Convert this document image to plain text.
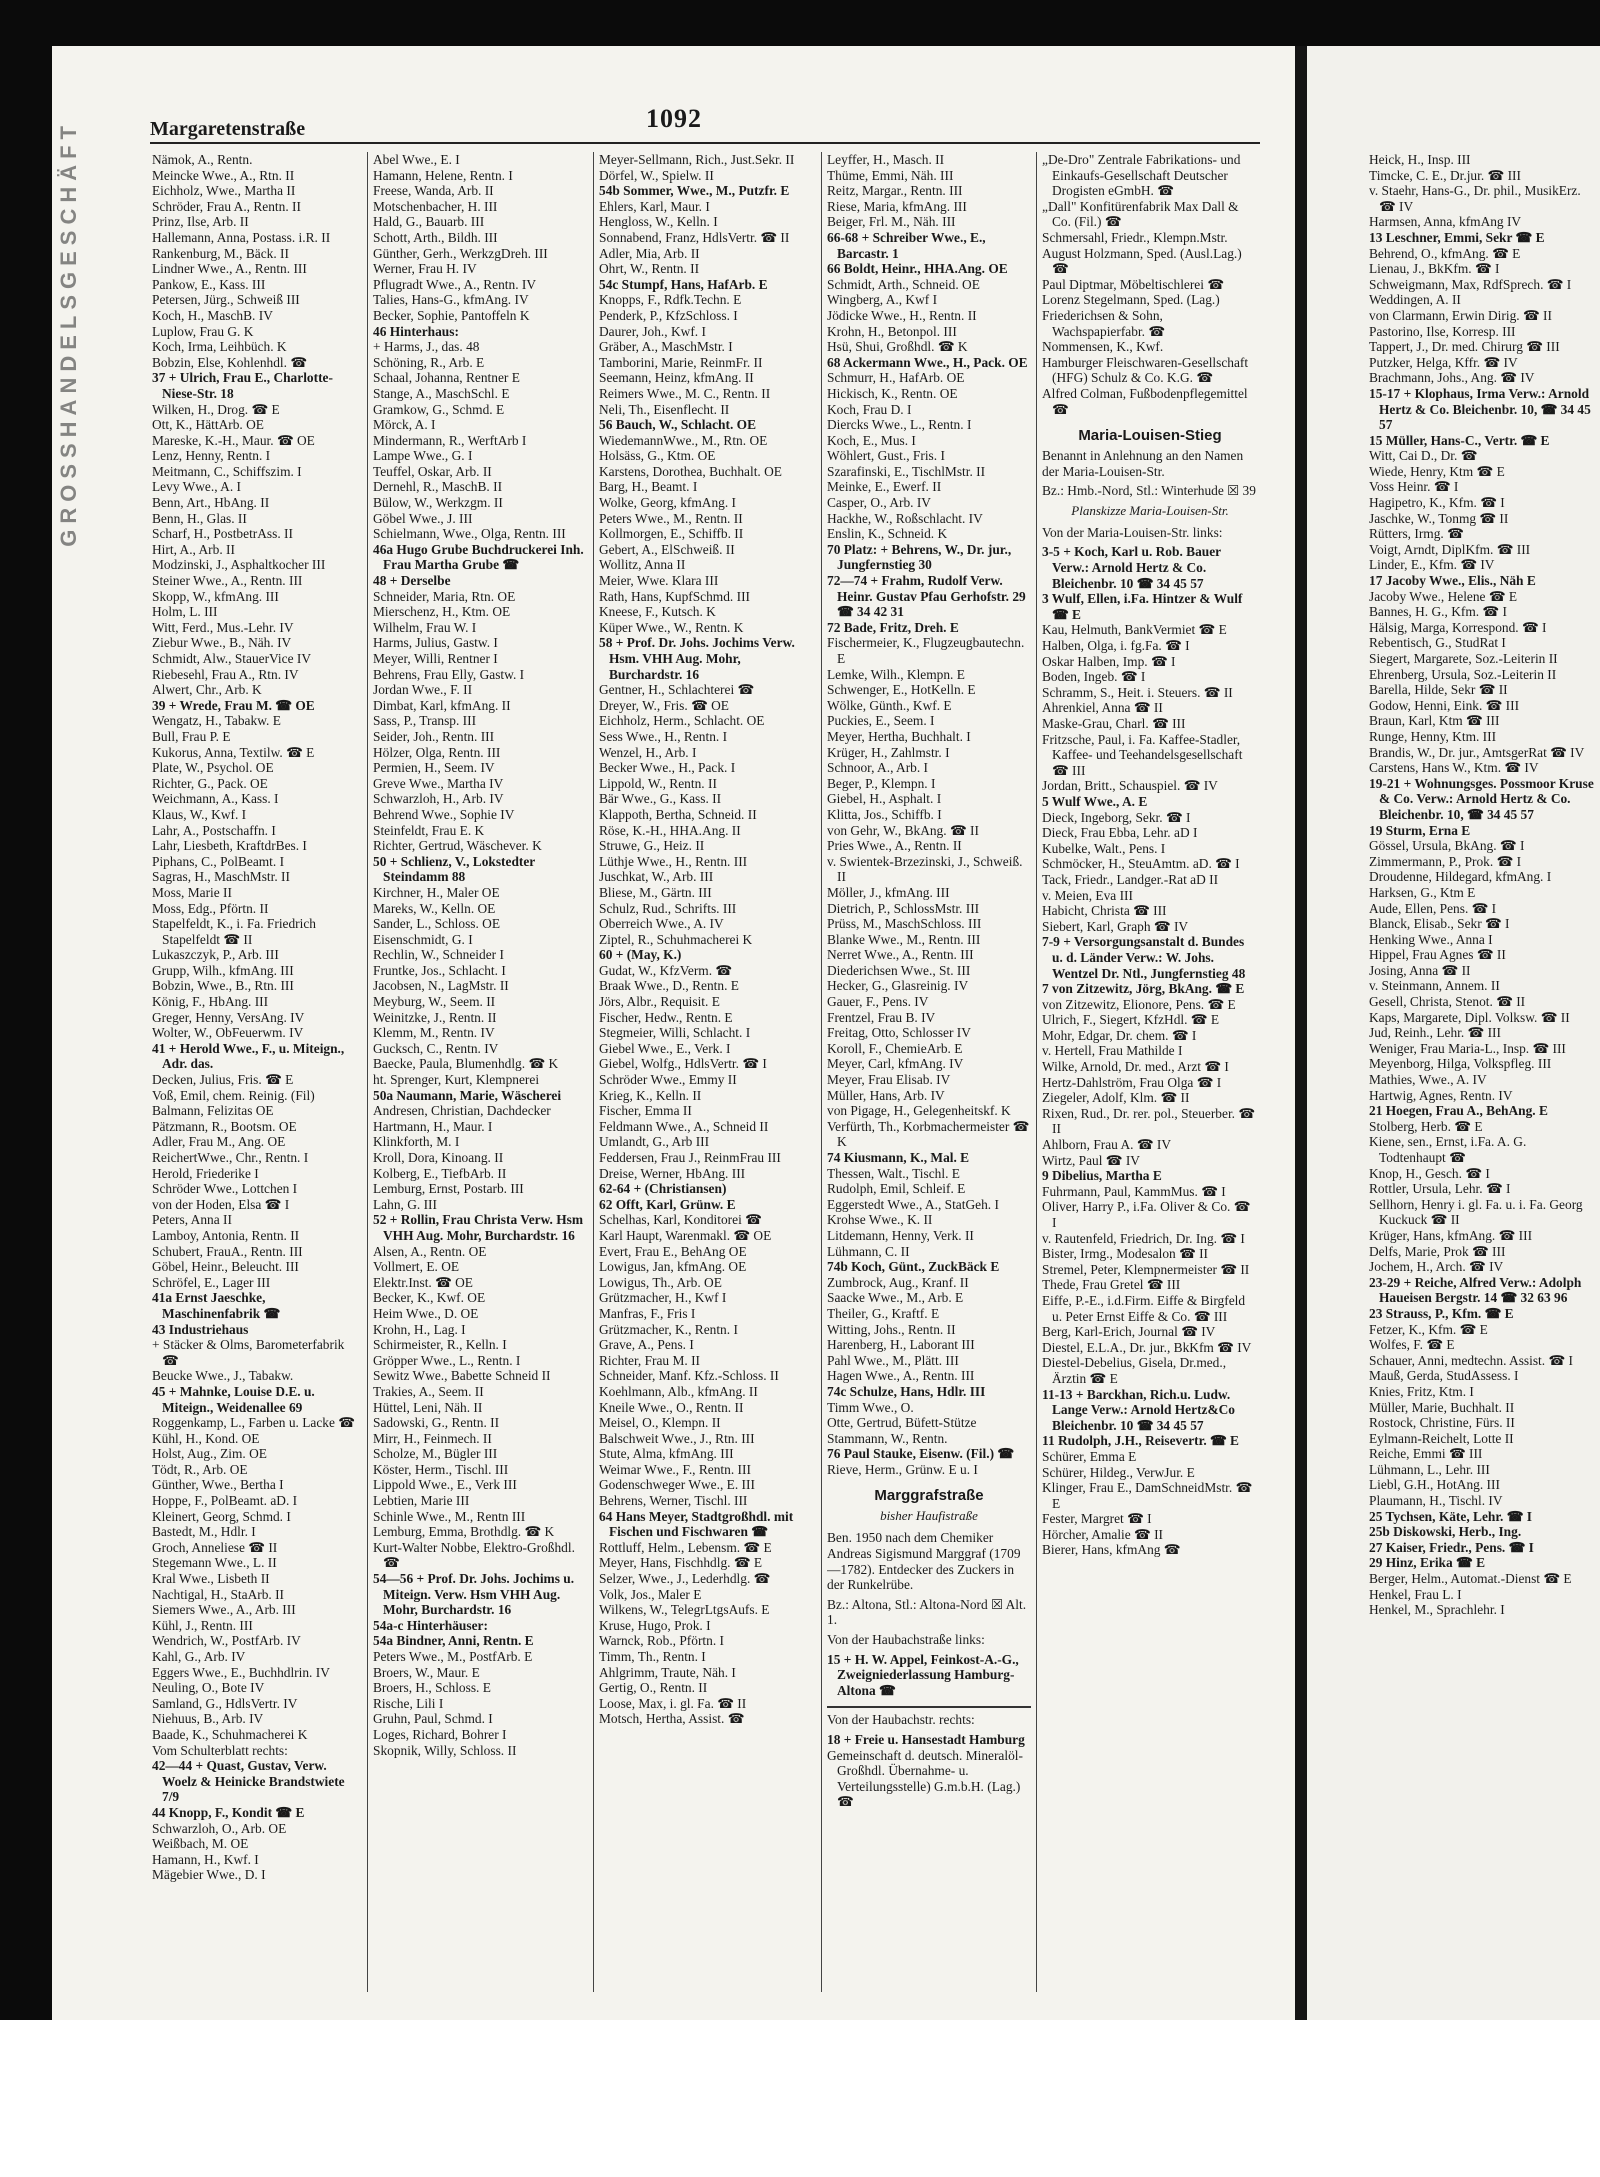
GROSSHANDELSGESCHÄFT	Heick, H., Insp. III
Timcke, C. E., Dr.jur. ☎ III
v. Staehr, Hans-G., Dr. phil., MusikErz. ☎ IV
Harmsen, Anna, kfmAng IV
13 Leschner, Emmi, Sekr ☎ E
Behrend, O., kfmAng. ☎ E
Lienau, J., BkKfm. ☎ I
Schweigmann, Max, RdfSprech. ☎ I
Weddingen, A. II
von Clarmann, Erwin Dirig. ☎ II
Pastorino, Ilse, Korresp. III
Tappert, J., Dr. med. Chirurg ☎ III
Putzker, Helga, Kffr. ☎ IV
Brachmann, Johs., Ang. ☎ IV
15-17 + Klophaus, Irma Verw.: Arnold Hertz & Co. Bleichenbr. 10, ☎ 34 45 57
15 Müller, Hans-C., Vertr. ☎ E
Witt, Cai D., Dr. ☎
Wiede, Henry, Ktm ☎ E
Voss Heinr. ☎ I
Hagipetro, K., Kfm. ☎ I
Jaschke, W., Tonmg ☎ II
Rütters, Irmg. ☎
Voigt, Arndt, DiplKfm. ☎ III
Linder, E., Kfm. ☎ IV
17 Jacoby Wwe., Elis., Näh E
Jacoby Wwe., Helene ☎ E
Bannes, H. G., Kfm. ☎ I
Hälsig, Marga, Korrespond. ☎ I
Rebentisch, G., StudRat I
Siegert, Margarete, Soz.-Leiterin II
Ehrenberg, Ursula, Soz.-Leiterin II
Barella, Hilde, Sekr ☎ II
Godow, Henni, Eink. ☎ III
Braun, Karl, Ktm ☎ III
Runge, Henny, Ktm. III
Brandis, W., Dr. jur., AmtsgerRat ☎ IV
Carstens, Hans W., Ktm. ☎ IV
19-21 + Wohnungsges. Possmoor Kruse & Co. Verw.: Arnold Hertz & Co. Bleichenbr. 10, ☎ 34 45 57
19 Sturm, Erna E
Gössel, Ursula, BkAng. ☎ I
Zimmermann, P., Prok. ☎ I
Droudenne, Hildegard, kfmAng. I
Harksen, G., Ktm E
Aude, Ellen, Pens. ☎ I
Blanck, Elisab., Sekr ☎ I
Henking Wwe., Anna I
Hippel, Frau Agnes ☎ II
Josing, Anna ☎ II
v. Steinmann, Annem. II
Gesell, Christa, Stenot. ☎ II
Kaps, Margarete, Dipl. Volksw. ☎ II
Jud, Reinh., Lehr. ☎ III
Weniger, Frau Maria-L., Insp. ☎ III
Meyenborg, Hilga, Volkspfleg. III
Mathies, Wwe., A. IV
Hartwig, Agnes, Rentn. IV
21 Hoegen, Frau A., BehAng. E
Stolberg, Herb. ☎ E
Kiene, sen., Ernst, i.Fa. A. G. Todtenhaupt ☎
Knop, H., Gesch. ☎ I
Rottler, Ursula, Lehr. ☎ I
Sellhorn, Henry i. gl. Fa. u. i. Fa. Georg Kuckuck ☎ II
Krüger, Hans, kfmAng. ☎ III
Delfs, Marie, Prok ☎ III
Jochem, H., Arch. ☎ IV
23-29 + Reiche, Alfred Verw.: Adolph Haueisen Bergstr. 14 ☎ 32 63 96
23 Strauss, P., Kfm. ☎ E
Fetzer, K., Kfm. ☎ E
Wolfes, F. ☎ E
Schauer, Anni, medtechn. Assist. ☎ I
Mauß, Gerda, StudAssess. I
Knies, Fritz, Ktm. I
Müller, Marie, Buchhalt. II
Rostock, Christine, Fürs. II
Eylmann-Reichelt, Lotte II
Reiche, Emmi ☎ III
Lühmann, L., Lehr. III
Liebl, G.H., HotAng. III
Plaumann, H., Tischl. IV
25 Tychsen, Käte, Lehr. ☎ I
25b Diskowski, Herb., Ing.
27 Kaiser, Friedr., Pens. ☎ I
29 Hinz, Erika ☎ E
Berger, Helm., Automat.-Dienst ☎ E
Henkel, Frau L. I
Henkel, M., Sprachlehr. I
1092
Margaretenstraße
Nämok, A., Rentn.
Meincke Wwe., A., Rtn. II
Eichholz, Wwe., Martha II
Schröder, Frau A., Rentn. II
Prinz, Ilse, Arb. II
Hallemann, Anna, Postass. i.R. II
Rankenburg, M., Bäck. II
Lindner Wwe., A., Rentn. III
Pankow, E., Kass. III
Petersen, Jürg., Schweiß III
Koch, H., MaschB. IV
Luplow, Frau G. K
Koch, Irma, Leihbüch. K
Bobzin, Else, Kohlenhdl. ☎
37 + Ulrich, Frau E., Charlotte-Niese-Str. 18
Wilken, H., Drog. ☎ E
Ott, K., HättArb. OE
Mareske, K.-H., Maur. ☎ OE
Lenz, Henny, Rentn. I
Meitmann, C., Schiffszim. I
Levy Wwe., A. I
Benn, Art., HbAng. II
Benn, H., Glas. II
Scharf, H., PostbetrAss. II
Hirt, A., Arb. II
Modzinski, J., Asphaltkocher III
Steiner Wwe., A., Rentn. III
Skopp, W., kfmAng. III
Holm, L. III
Witt, Ferd., Mus.-Lehr. IV
Ziebur Wwe., B., Näh. IV
Schmidt, Alw., StauerVice IV
Riebesehl, Frau A., Rtn. IV
Alwert, Chr., Arb. K
39 + Wrede, Frau M. ☎ OE
Wengatz, H., Tabakw. E
Bull, Frau P. E
Kukorus, Anna, Textilw. ☎ E
Plate, W., Psychol. OE
Richter, G., Pack. OE
Weichmann, A., Kass. I
Klaus, W., Kwf. I
Lahr, A., Postschaffn. I
Lahr, Liesbeth, KraftdrBes. I
Piphans, C., PolBeamt. I
Sagras, H., MaschMstr. II
Moss, Marie II
Moss, Edg., Pförtn. II
Stapelfeldt, K., i. Fa. Friedrich Stapelfeldt ☎ II
Lukaszczyk, P., Arb. III
Grupp, Wilh., kfmAng. III
Bobzin, Wwe., B., Rtn. III
König, F., HbAng. III
Greger, Henny, VersAng. IV
Wolter, W., ObFeuerwm. IV
41 + Herold Wwe., F., u. Miteign., Adr. das.
Decken, Julius, Fris. ☎ E
Voß, Emil, chem. Reinig. (Fil)
Balmann, Felizitas OE
Pätzmann, R., Bootsm. OE
Adler, Frau M., Ang. OE
ReichertWwe., Chr., Rentn. I
Herold, Friederike I
Schröder Wwe., Lottchen I
von der Hoden, Elsa ☎ I
Peters, Anna II
Lamboy, Antonia, Rentn. II
Schubert, FrauA., Rentn. III
Göbel, Heinr., Beleucht. III
Schröfel, E., Lager III
41a Ernst Jaeschke, Maschinenfabrik ☎
43 Industriehaus
+ Stäcker & Olms, Barometerfabrik ☎
Beucke Wwe., J., Tabakw.
45 + Mahnke, Louise D.E. u. Miteign., Weidenallee 69
Roggenkamp, L., Farben u. Lacke ☎
Kühl, H., Kond. OE
Holst, Aug., Zim. OE
Tödt, R., Arb. OE
Günther, Wwe., Bertha I
Hoppe, F., PolBeamt. aD. I
Kleinert, Georg, Schmd. I
Bastedt, M., Hdlr. I
Groch, Anneliese ☎ II
Stegemann Wwe., L. II
Kral Wwe., Lisbeth II
Nachtigal, H., StaArb. II
Siemers Wwe., A., Arb. III
Kühl, J., Rentn. III
Wendrich, W., PostfArb. IV
Kahl, G., Arb. IV
Eggers Wwe., E., Buchhdlrin. IV
Neuling, O., Bote IV
Samland, G., HdlsVertr. IV
Niehuus, B., Arb. IV
Baade, K., Schuhmacherei K
Vom Schulterblatt rechts:
42—44 + Quast, Gustav, Verw. Woelz & Heinicke Brandstwiete 7/9
44 Knopp, F., Kondit ☎ E
Schwarzloh, O., Arb. OE
Weißbach, M. OE
Hamann, H., Kwf. I
Mägebier Wwe., D. I
Abel Wwe., E. I
Hamann, Helene, Rentn. I
Freese, Wanda, Arb. II
Motschenbacher, H. III
Hald, G., Bauarb. III
Schott, Arth., Bildh. III
Günther, Gerh., WerkzgDreh. III
Werner, Frau H. IV
Pflugradt Wwe., A., Rentn. IV
Talies, Hans-G., kfmAng. IV
Becker, Sophie, Pantoffeln K
46 Hinterhaus:
+ Harms, J., das. 48
Schöning, R., Arb. E
Schaal, Johanna, Rentner E
Stange, A., MaschSchl. E
Gramkow, G., Schmd. E
Mörck, A. I
Mindermann, R., WerftArb I
Lampe Wwe., G. I
Teuffel, Oskar, Arb. II
Dernehl, R., MaschB. II
Bülow, W., Werkzgm. II
Göbel Wwe., J. III
Schielmann, Wwe., Olga, Rentn. III
46a Hugo Grube Buchdruckerei Inh. Frau Martha Grube ☎
48 + Derselbe
Schneider, Maria, Rtn. OE
Mierschenz, H., Ktm. OE
Wilhelm, Frau W. I
Harms, Julius, Gastw. I
Meyer, Willi, Rentner I
Behrens, Frau Elly, Gastw. I
Jordan Wwe., F. II
Dimbat, Karl, kfmAng. II
Sass, P., Transp. III
Seider, Joh., Rentn. III
Hölzer, Olga, Rentn. III
Permien, H., Seem. IV
Greve Wwe., Martha IV
Schwarzloh, H., Arb. IV
Behrend Wwe., Sophie IV
Steinfeldt, Frau E. K
Richter, Gertrud, Wäschever. K
50 + Schlienz, V., Lokstedter Steindamm 88
Kirchner, H., Maler OE
Mareks, W., Kelln. OE
Sander, L., Schloss. OE
Eisenschmidt, G. I
Rechlin, W., Schneider I
Fruntke, Jos., Schlacht. I
Jacobsen, N., LagMstr. II
Meyburg, W., Seem. II
Weinitzke, J., Rentn. II
Klemm, M., Rentn. IV
Gucksch, C., Rentn. IV
Baecke, Paula, Blumenhdlg. ☎ K
ht. Sprenger, Kurt, Klempnerei
50a Naumann, Marie, Wäscherei
Andresen, Christian, Dachdecker
Hartmann, H., Maur. I
Klinkforth, M. I
Kroll, Dora, Kinoang. II
Kolberg, E., TiefbArb. II
Lemburg, Ernst, Postarb. III
Lahn, G. III
52 + Rollin, Frau Christa Verw. Hsm VHH Aug. Mohr, Burchardstr. 16
Alsen, A., Rentn. OE
Vollmert, E. OE
Elektr.Inst. ☎ OE
Becker, K., Kwf. OE
Heim Wwe., D. OE
Krohn, H., Lag. I
Schirmeister, R., Kelln. I
Gröpper Wwe., L., Rentn. I
Sewitz Wwe., Babette Schneid II
Trakies, A., Seem. II
Hüttel, Leni, Näh. II
Sadowski, G., Rentn. II
Mirr, H., Feinmech. II
Scholze, M., Bügler III
Köster, Herm., Tischl. III
Lippold Wwe., E., Verk III
Lebtien, Marie III
Schinle Wwe., M., Rentn III
Lemburg, Emma, Brothdlg. ☎ K
Kurt-Walter Nobbe, Elektro-Großhdl. ☎
54—56 + Prof. Dr. Johs. Jochims u. Miteign. Verw. Hsm VHH Aug. Mohr, Burchardstr. 16
54a-c Hinterhäuser:
54a Bindner, Anni, Rentn. E
Peters Wwe., M., PostfArb. E
Broers, W., Maur. E
Broers, H., Schloss. E
Rische, Lili I
Gruhn, Paul, Schmd. I
Loges, Richard, Bohrer I
Skopnik, Willy, Schloss. II
Meyer-Sellmann, Rich., Just.Sekr. II
Dörfel, W., Spielw. II
54b Sommer, Wwe., M., Putzfr. E
Ehlers, Karl, Maur. I
Hengloss, W., Kelln. I
Sonnabend, Franz, HdlsVertr. ☎ II
Adler, Mia, Arb. II
Ohrt, W., Rentn. II
54c Stumpf, Hans, HafArb. E
Knopps, F., Rdfk.Techn. E
Penderk, P., KfzSchloss. I
Daurer, Joh., Kwf. I
Gräber, A., MaschMstr. I
Tamborini, Marie, ReinmFr. II
Seemann, Heinz, kfmAng. II
Reimers Wwe., M. C., Rentn. II
Neli, Th., Eisenflecht. II
56 Bauch, W., Schlacht. OE
WiedemannWwe., M., Rtn. OE
Holsäss, G., Ktm. OE
Karstens, Dorothea, Buchhalt. OE
Barg, H., Beamt. I
Wolke, Georg, kfmAng. I
Peters Wwe., M., Rentn. II
Kollmorgen, E., Schiffb. II
Gebert, A., ElSchweiß. II
Wollitz, Anna II
Meier, Wwe. Klara III
Rath, Hans, KupfSchmd. III
Kneese, F., Kutsch. K
Küper Wwe., W., Rentn. K
58 + Prof. Dr. Johs. Jochims Verw. Hsm. VHH Aug. Mohr, Burchardstr. 16
Gentner, H., Schlachterei ☎
Dreyer, W., Fris. ☎ OE
Eichholz, Herm., Schlacht. OE
Sess Wwe., H., Rentn. I
Wenzel, H., Arb. I
Becker Wwe., H., Pack. I
Lippold, W., Rentn. II
Bär Wwe., G., Kass. II
Klappoth, Bertha, Schneid. II
Röse, K.-H., HHA.Ang. II
Struwe, G., Heiz. II
Lüthje Wwe., H., Rentn. III
Juschkat, W., Arb. III
Bliese, M., Gärtn. III
Schulz, Rud., Schrifts. III
Oberreich Wwe., A. IV
Ziptel, R., Schuhmacherei K
60 + (May, K.)
Gudat, W., KfzVerm. ☎
Braak Wwe., D., Rentn. E
Jörs, Albr., Requisit. E
Fischer, Hedw., Rentn. E
Stegmeier, Willi, Schlacht. I
Giebel Wwe., E., Verk. I
Giebel, Wolfg., HdlsVertr. ☎ I
Schröder Wwe., Emmy II
Krieg, K., Kelln. II
Fischer, Emma II
Feldmann Wwe., A., Schneid II
Umlandt, G., Arb III
Feddersen, Frau J., ReinmFrau III
Dreise, Werner, HbAng. III
62-64 + (Christiansen)
62 Offt, Karl, Grünw. E
Schelhas, Karl, Konditorei ☎
Karl Haupt, Warenmakl. ☎ OE
Evert, Frau E., BehAng OE
Lowigus, Jan, kfmAng. OE
Lowigus, Th., Arb. OE
Grützmacher, H., Kwf I
Manfras, F., Fris I
Grützmacher, K., Rentn. I
Grave, A., Pens. I
Richter, Frau M. II
Schneider, Manf. Kfz.-Schloss. II
Koehlmann, Alb., kfmAng. II
Kneile Wwe., O., Rentn. II
Meisel, O., Klempn. II
Balschweit Wwe., J., Rtn. III
Stute, Alma, kfmAng. III
Weimar Wwe., F., Rentn. III
Godenschweger Wwe., E. III
Behrens, Werner, Tischl. III
64 Hans Meyer, Stadtgroßhdl. mit Fischen und Fischwaren ☎
Rottluff, Helm., Lebensm. ☎ E
Meyer, Hans, Fischhdlg. ☎ E
Selzer, Wwe., J., Lederhdlg. ☎
Volk, Jos., Maler E
Wilkens, W., TelegrLtgsAufs. E
Kruse, Hugo, Prok. I
Warnck, Rob., Pförtn. I
Timm, Th., Rentn. I
Ahlgrimm, Traute, Näh. I
Gertig, O., Rentn. II
Loose, Max, i. gl. Fa. ☎ II
Motsch, Hertha, Assist. ☎
Leyffer, H., Masch. II
Thüme, Emmi, Näh. III
Reitz, Margar., Rentn. III
Riese, Maria, kfmAng. III
Beiger, Frl. M., Näh. III
66-68 + Schreiber Wwe., E., Barcastr. 1
66 Boldt, Heinr., HHA.Ang. OE
Schmidt, Arth., Schneid. OE
Wingberg, A., Kwf I
Jödicke Wwe., H., Rentn. II
Krohn, H., Betonpol. III
Hsü, Shui, Großhdl. ☎ K
68 Ackermann Wwe., H., Pack. OE
Schmurr, H., HafArb. OE
Hickisch, K., Rentn. OE
Koch, Frau D. I
Diercks Wwe., L., Rentn. I
Koch, E., Mus. I
Wöhlert, Gust., Fris. I
Szarafinski, E., TischlMstr. II
Meinke, E., Ewerf. II
Casper, O., Arb. IV
Hackhe, W., Roßschlacht. IV
Enslin, K., Schneid. K
70 Platz: + Behrens, W., Dr. jur., Jungfernstieg 30
72—74 + Frahm, Rudolf Verw. Heinr. Gustav Pfau Gerhofstr. 29 ☎ 34 42 31
72 Bade, Fritz, Dreh. E
Fischermeier, K., Flugzeugbautechn. E
Lemke, Wilh., Klempn. E
Schwenger, E., HotKelln. E
Wölke, Günth., Kwf. E
Puckies, E., Seem. I
Meyer, Hertha, Buchhalt. I
Krüger, H., Zahlmstr. I
Schnoor, A., Arb. I
Beger, P., Klempn. I
Giebel, H., Asphalt. I
Klitta, Jos., Schiffb. I
von Gehr, W., BkAng. ☎ II
Pries Wwe., A., Rentn. II
v. Swientek-Brzezinski, J., Schweiß. II
Möller, J., kfmAng. III
Dietrich, P., SchlossMstr. III
Prüss, M., MaschSchloss. III
Blanke Wwe., M., Rentn. III
Nerret Wwe., A., Rentn. III
Diederichsen Wwe., St. III
Hecker, G., Glasreinig. IV
Gauer, F., Pens. IV
Frentzel, Frau B. IV
Freitag, Otto, Schlosser IV
Koroll, F., ChemieArb. E
Meyer, Carl, kfmAng. IV
Meyer, Frau Elisab. IV
Müller, Hans, Arb. IV
von Pigage, H., Gelegenheitskf. K
Verfürth, Th., Korbmachermeister ☎ K
74 Kiusmann, K., Mal. E
Thessen, Walt., Tischl. E
Rudolph, Emil, Schleif. E
Eggerstedt Wwe., A., StatGeh. I
Krohse Wwe., K. II
Litdemann, Henny, Verk. II
Lühmann, C. II
74b Koch, Günt., ZuckBäck E
Zumbrock, Aug., Kranf. II
Saacke Wwe., M., Arb. E
Theiler, G., Kraftf. E
Witting, Johs., Rentn. II
Harenberg, H., Laborant III
Pahl Wwe., M., Plätt. III
Hagen Wwe., A., Rentn. III
74c Schulze, Hans, Hdlr. III
Timm Wwe., O.
Otte, Gertrud, Büfett-Stütze
Stammann, W., Rentn.
76 Paul Stauke, Eisenw. (Fil.) ☎
Rieve, Herm., Grünw. E u. I
Marggrafstraße
bisher Haufistraße
Ben. 1950 nach dem Chemiker Andreas Sigismund Marggraf (1709—1782). Entdecker des Zuckers in der Runkelrübe.
Bz.: Altona, Stl.: Altona-Nord ☒ Alt. 1.
Von der Haubachstraße links:
15 + H. W. Appel, Feinkost-A.-G., Zweigniederlassung Hamburg-Altona ☎
Von der Haubachstr. rechts:
18 + Freie u. Hansestadt Hamburg
Gemeinschaft d. deutsch. Mineralöl-Großhdl. Übernahme- u. Verteilungsstelle) G.m.b.H. (Lag.) ☎
„De-Dro" Zentrale Fabrikations- und Einkaufs-Gesellschaft Deutscher Drogisten eGmbH. ☎
„Dall" Konfitürenfabrik Max Dall & Co. (Fil.) ☎
Schmersahl, Friedr., Klempn.Mstr.
August Holzmann, Sped. (Ausl.Lag.) ☎
Paul Diptmar, Möbeltischlerei ☎
Lorenz Stegelmann, Sped. (Lag.)
Friederichsen & Sohn, Wachspapierfabr. ☎
Nommensen, K., Kwf.
Hamburger Fleischwaren-Gesellschaft (HFG) Schulz & Co. K.G. ☎
Alfred Colman, Fußbodenpflegemittel ☎
Maria-Louisen-Stieg
Benannt in Anlehnung an den Namen der Maria-Louisen-Str.
Bz.: Hmb.-Nord, Stl.: Winterhude ☒ 39
Planskizze Maria-Louisen-Str.
Von der Maria-Louisen-Str. links:
3-5 + Koch, Karl u. Rob. Bauer Verw.: Arnold Hertz & Co. Bleichenbr. 10 ☎ 34 45 57
3 Wulf, Ellen, i.Fa. Hintzer & Wulf ☎ E
Kau, Helmuth, BankVermiet ☎ E
Halben, Olga, i. fg.Fa. ☎ I
Oskar Halben, Imp. ☎ I
Boden, Ingeb. ☎ I
Schramm, S., Heit. i. Steuers. ☎ II
Ahrenkiel, Anna ☎ II
Maske-Grau, Charl. ☎ III
Fritzsche, Paul, i. Fa. Kaffee-Stadler, Kaffee- und Teehandelsgesellschaft ☎ III
Jordan, Britt., Schauspiel. ☎ IV
5 Wulf Wwe., A. E
Dieck, Ingeborg, Sekr. ☎ I
Dieck, Frau Ebba, Lehr. aD I
Kubelke, Walt., Pens. I
Schmöcker, H., SteuAmtm. aD. ☎ I
Tack, Friedr., Landger.-Rat aD II
v. Meien, Eva III
Habicht, Christa ☎ III
Siebert, Karl, Graph ☎ IV
7-9 + Versorgungsanstalt d. Bundes u. d. Länder Verw.: W. Johs. Wentzel Dr. Ntl., Jungfernstieg 48
7 von Zitzewitz, Jörg, BkAng. ☎ E
von Zitzewitz, Elionore, Pens. ☎ E
Ulrich, F., Siegert, KfzHdl. ☎ E
Mohr, Edgar, Dr. chem. ☎ I
v. Hertell, Frau Mathilde I
Wilke, Arnold, Dr. med., Arzt ☎ I
Hertz-Dahlström, Frau Olga ☎ I
Ziegeler, Adolf, Klm. ☎ II
Rixen, Rud., Dr. rer. pol., Steuerber. ☎ II
Ahlborn, Frau A. ☎ IV
Wirtz, Paul ☎ IV
9 Dibelius, Martha E
Fuhrmann, Paul, KammMus. ☎ I
Oliver, Harry P., i.Fa. Oliver & Co. ☎ I
v. Rautenfeld, Friedrich, Dr. Ing. ☎ I
Bister, Irmg., Modesalon ☎ II
Stremel, Peter, Klempnermeister ☎ II
Thede, Frau Gretel ☎ III
Eiffe, P.-E., i.d.Firm. Eiffe & Birgfeld u. Peter Ernst Eiffe & Co. ☎ III
Berg, Karl-Erich, Journal ☎ IV
Diestel, E.L.A., Dr. jur., BkKfm ☎ IV
Diestel-Debelius, Gisela, Dr.med., Ärztin ☎ E
11-13 + Barckhan, Rich.u. Ludw. Lange Verw.: Arnold Hertz&Co Bleichenbr. 10 ☎ 34 45 57
11 Rudolph, J.H., Reisevertr. ☎ E
Schürer, Emma E
Schürer, Hildeg., VerwJur. E
Klinger, Frau E., DamSchneidMstr. ☎ E
Fester, Margret ☎ I
Hörcher, Amalie ☎ II
Bierer, Hans, kfmAng ☎
